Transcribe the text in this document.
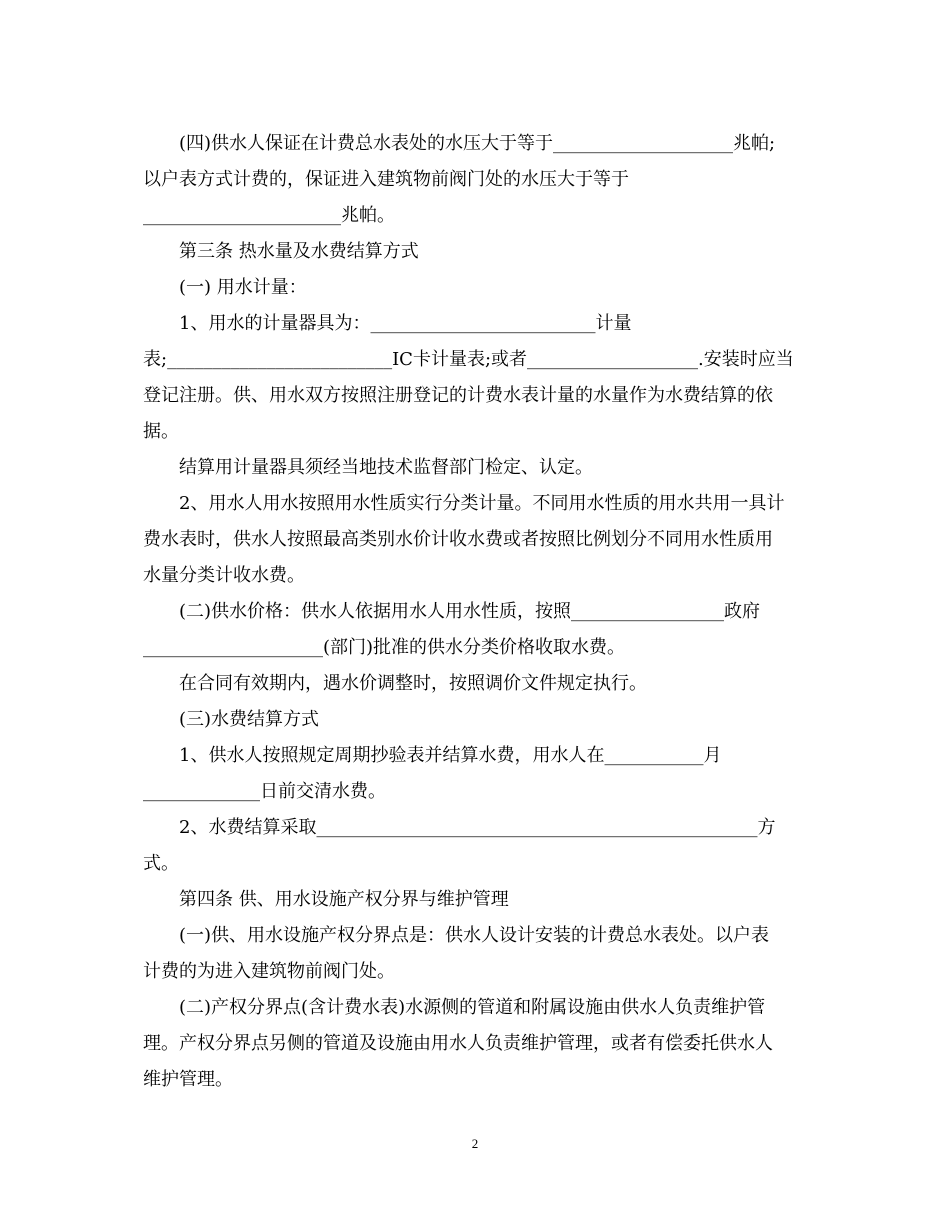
　　(四)供水人保证在计费总水表处的水压大于等于____________________兆帕;
以户表方式计费的，保证进入建筑物前阀门处的水压大于等于
______________________兆帕。
　　第三条 热水量及水费结算方式
　　(一) 用水计量：
　　1、用水的计量器具为：_________________________计量
表;_________________________IC卡计量表;或者___________________.安装时应当
登记注册。供、用水双方按照注册登记的计费水表计量的水量作为水费结算的依
据。
　　结算用计量器具须经当地技术监督部门检定、认定。
　　2、用水人用水按照用水性质实行分类计量。不同用水性质的用水共用一具计
费水表时，供水人按照最高类别水价计收水费或者按照比例划分不同用水性质用
水量分类计收水费。
　　(二)供水价格：供水人依据用水人用水性质，按照_________________政府
____________________(部门)批准的供水分类价格收取水费。
　　在合同有效期内，遇水价调整时，按照调价文件规定执行。
　　(三)水费结算方式
　　1、供水人按照规定周期抄验表并结算水费，用水人在___________月
_____________日前交清水费。
　　2、水费结算采取_________________________________________________方
式。
　　第四条 供、用水设施产权分界与维护管理
　　(一)供、用水设施产权分界点是：供水人设计安装的计费总水表处。以户表
计费的为进入建筑物前阀门处。
　　(二)产权分界点(含计费水表)水源侧的管道和附属设施由供水人负责维护管
理。产权分界点另侧的管道及设施由用水人负责维护管理，或者有偿委托供水人
维护管理。
2
